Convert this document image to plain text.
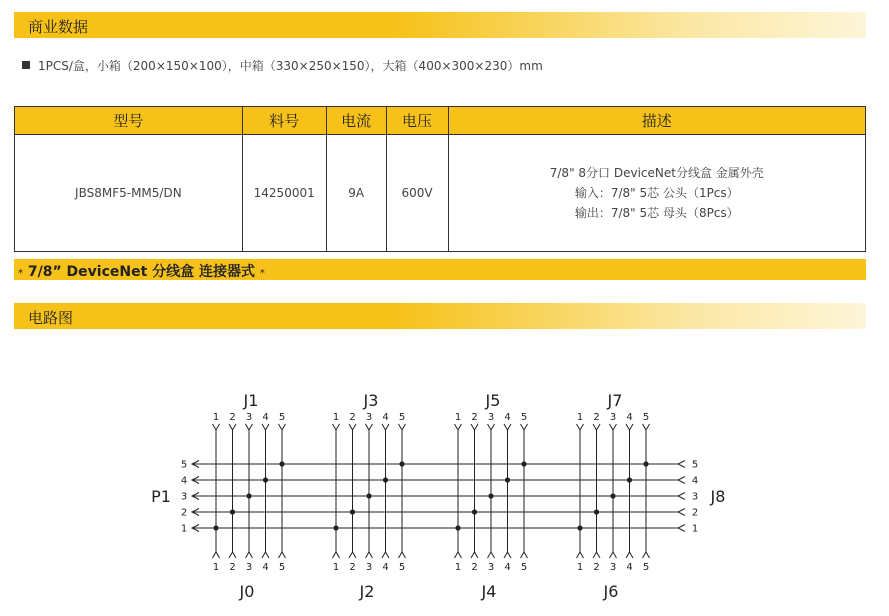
商业数据
1PCS/盒，小箱（200×150×100），中箱（330×250×150），大箱（400×300×230）mm
型号	料号	电流	电压	描述
JBS8MF5-MM5/DN	14250001	9A	600V	7/8" 8分口 DeviceNet分线盒 金属外壳
输入：7/8" 5芯 公头（1Pcs）
输出：7/8" 5芯 母头（8Pcs）
* 7/8” DeviceNet 分线盒 连接器式 *
电路图
5	5
4	4
3	3
2	2
1	1
1
1
2
2
3
3
4
4
5
5
J1
J0
1
1
2
2
3
3
4
4
5
5
J3
J2
1
1
2
2
3
3
4
4
5
5
J5
J4
1
1
2
2
3
3
4
4
5
5
J7
J6
P1	J8
